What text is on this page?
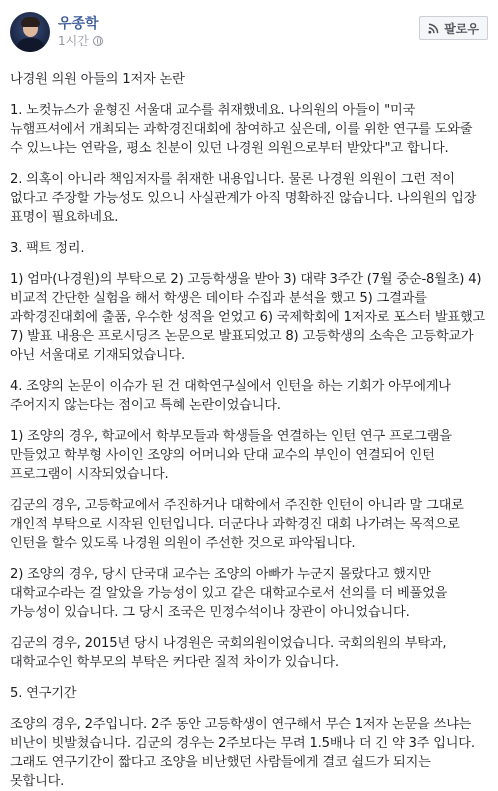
우종학
1시간
팔로우

나경원 의원 아들의 1저자 논란

1. 노컷뉴스가 윤형진 서울대 교수를 취재했네요. 나의원의 아들이 "미국 뉴햄프셔에서 개최되는 과학경진대회에 참여하고 싶은데, 이를 위한 연구를 도와줄 수 있느냐는 연락을, 평소 친분이 있던 나경원 의원으로부터 받았다"고 합니다.

2. 의혹이 아니라 책임저자를 취재한 내용입니다. 물론 나경원 의원이 그런 적이 없다고 주장할 가능성도 있으니 사실관계가 아직 명확하진 않습니다. 나의원의 입장 표명이 필요하네요.

3. 팩트 정리.

1) 엄마(나경원)의 부탁으로 2) 고등학생을 받아 3) 대략 3주간 (7월 중순-8월초) 4) 비교적 간단한 실험을 해서 학생은 데이타 수집과 분석을 했고 5) 그결과를 과학경진대회에 출품, 우수한 성적을 얻었고 6) 국제학회에 1저자로 포스터 발표했고 7) 발표 내용은 프로시딩즈 논문으로 발표되었고 8) 고등학생의 소속은 고등학교가 아닌 서울대로 기재되었습니다.

4. 조양의 논문이 이슈가 된 건 대학연구실에서 인턴을 하는 기회가 아무에게나 주어지지 않는다는 점이고 특혜 논란이었습니다.

1) 조양의 경우, 학교에서 학부모들과 학생들을 연결하는 인턴 연구 프로그램을 만들었고 학부형 사이인 조양의 어머니와 단대 교수의 부인이 연결되어 인턴 프로그램이 시작되었습니다.

김군의 경우, 고등학교에서 주진하거나 대학에서 주진한 인턴이 아니라 말 그대로 개인적 부탁으로 시작된 인턴입니다. 더군다나 과학경진 대회 나가려는 목적으로 인턴을 할수 있도록 나경원 의원이 주선한 것으로 파악됩니다.

2) 조양의 경우, 당시 단국대 교수는 조양의 아빠가 누군지 몰랐다고 했지만 대학교수라는 걸 알았을 가능성이 있고 같은 대학교수로서 선의를 더 베풀었을 가능성이 있습니다. 그 당시 조국은 민정수석이나 장관이 아니었습니다.

김군의 경우, 2015년 당시 나경원은 국회의원이었습니다. 국회의원의 부탁과, 대학교수인 학부모의 부탁은 커다란 질적 차이가 있습니다.

5. 연구기간

조양의 경우, 2주입니다. 2주 동안 고등학생이 연구해서 무슨 1저자 논문을 쓰냐는 비난이 빗발쳤습니다. 김군의 경우는 2주보다는 무려 1.5배나 더 긴 약 3주 입니다. 그래도 연구기간이 짧다고 조양을 비난했던 사람들에게 결코 쉴드가 되지는 못합니다.
